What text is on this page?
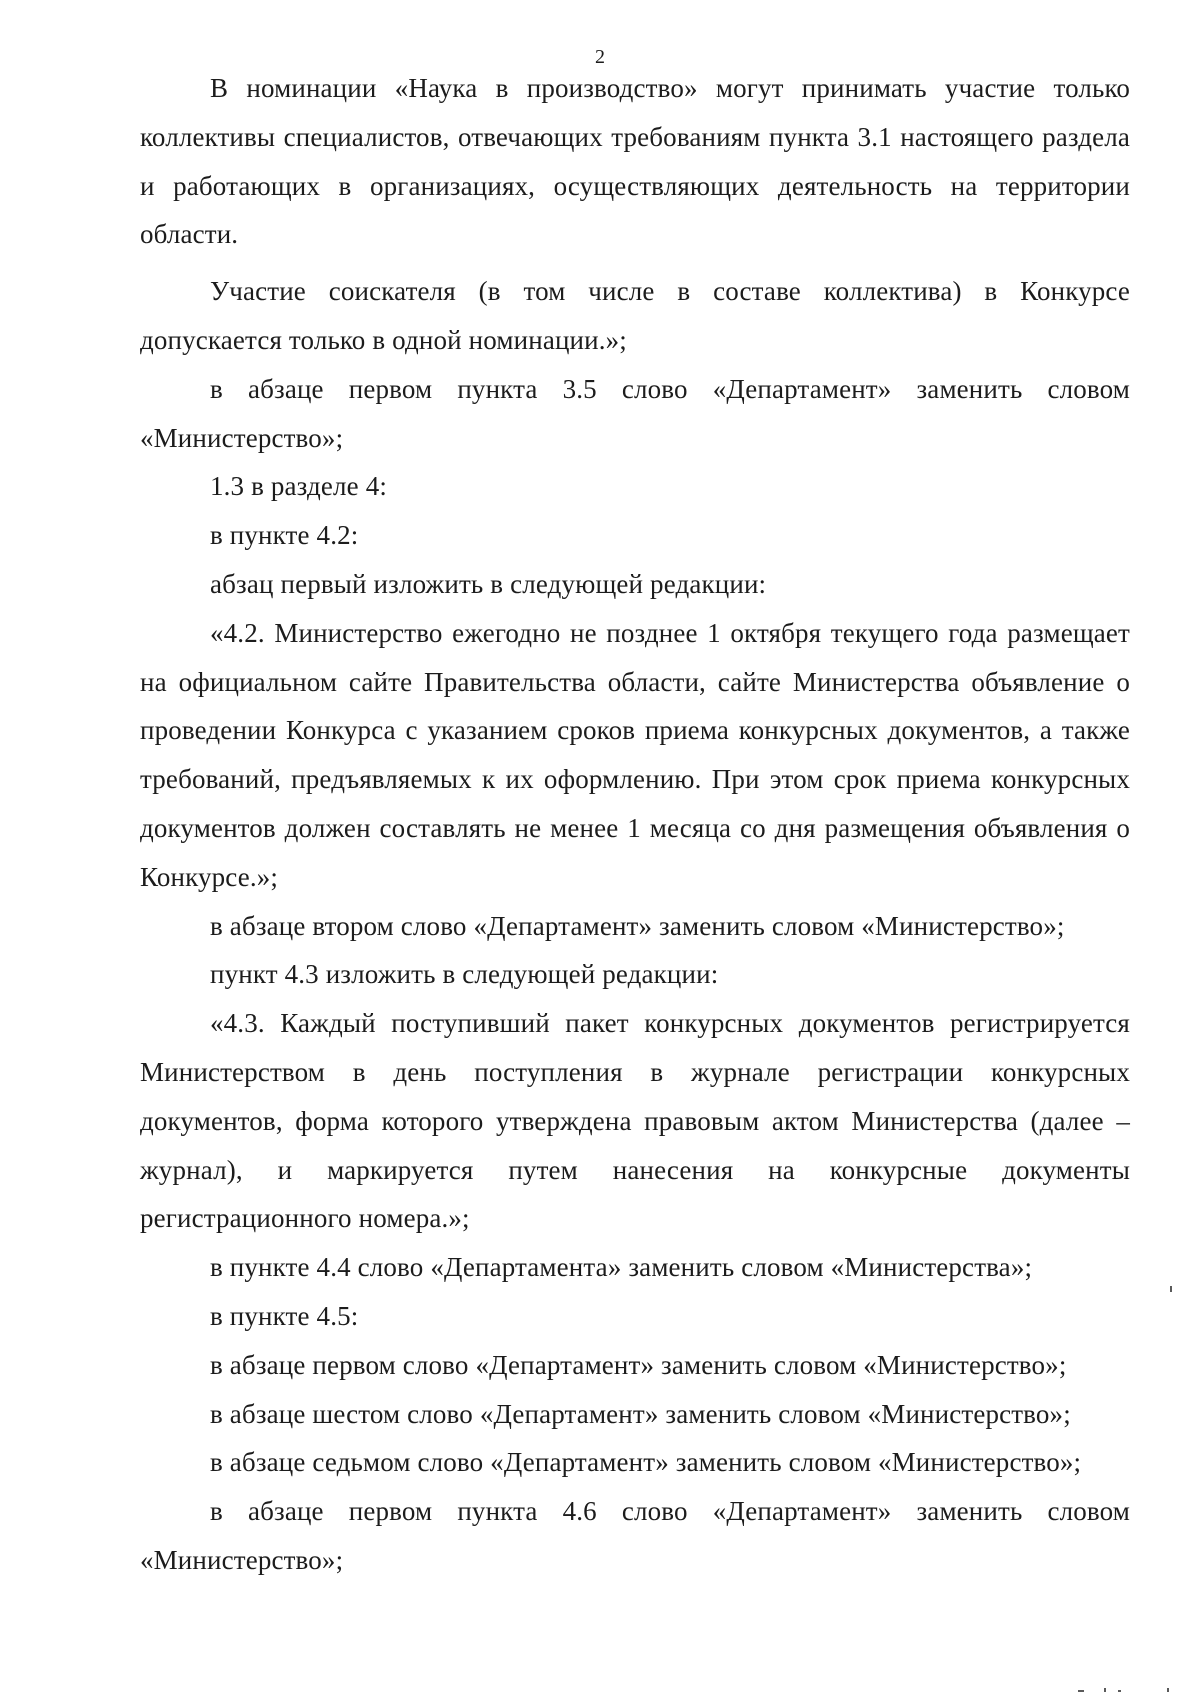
2

В номинации «Наука в производство» могут принимать участие только коллективы специалистов, отвечающих требованиям пункта 3.1 настоящего раздела и работающих в организациях, осуществляющих деятельность на территории области.

Участие соискателя (в том числе в составе коллектива) в Конкурсе допускается только в одной номинации.»;

в абзаце первом пункта 3.5 слово «Департамент» заменить словом «Министерство»;

1.3 в разделе 4:

в пункте 4.2:

абзац первый изложить в следующей редакции:

«4.2. Министерство ежегодно не позднее 1 октября текущего года размещает на официальном сайте Правительства области, сайте Министерства объявление о проведении Конкурса с указанием сроков приема конкурсных документов, а также требований, предъявляемых к их оформлению. При этом срок приема конкурсных документов должен составлять не менее 1 месяца со дня размещения объявления о Конкурсе.»;

в абзаце втором слово «Департамент» заменить словом «Министерство»;

пункт 4.3 изложить в следующей редакции:

«4.3. Каждый поступивший пакет конкурсных документов регистрируется Министерством в день поступления в журнале регистрации конкурсных документов, форма которого утверждена правовым актом Министерства (далее – журнал), и маркируется путем нанесения на конкурсные документы регистрационного номера.»;

в пункте 4.4 слово «Департамента» заменить словом «Министерства»;

в пункте 4.5:

в абзаце первом слово «Департамент» заменить словом «Министерство»;

в абзаце шестом слово «Департамент» заменить словом «Министерство»;

в абзаце седьмом слово «Департамент» заменить словом «Министерство»;

в абзаце первом пункта 4.6 слово «Департамент» заменить словом «Министерство»;
